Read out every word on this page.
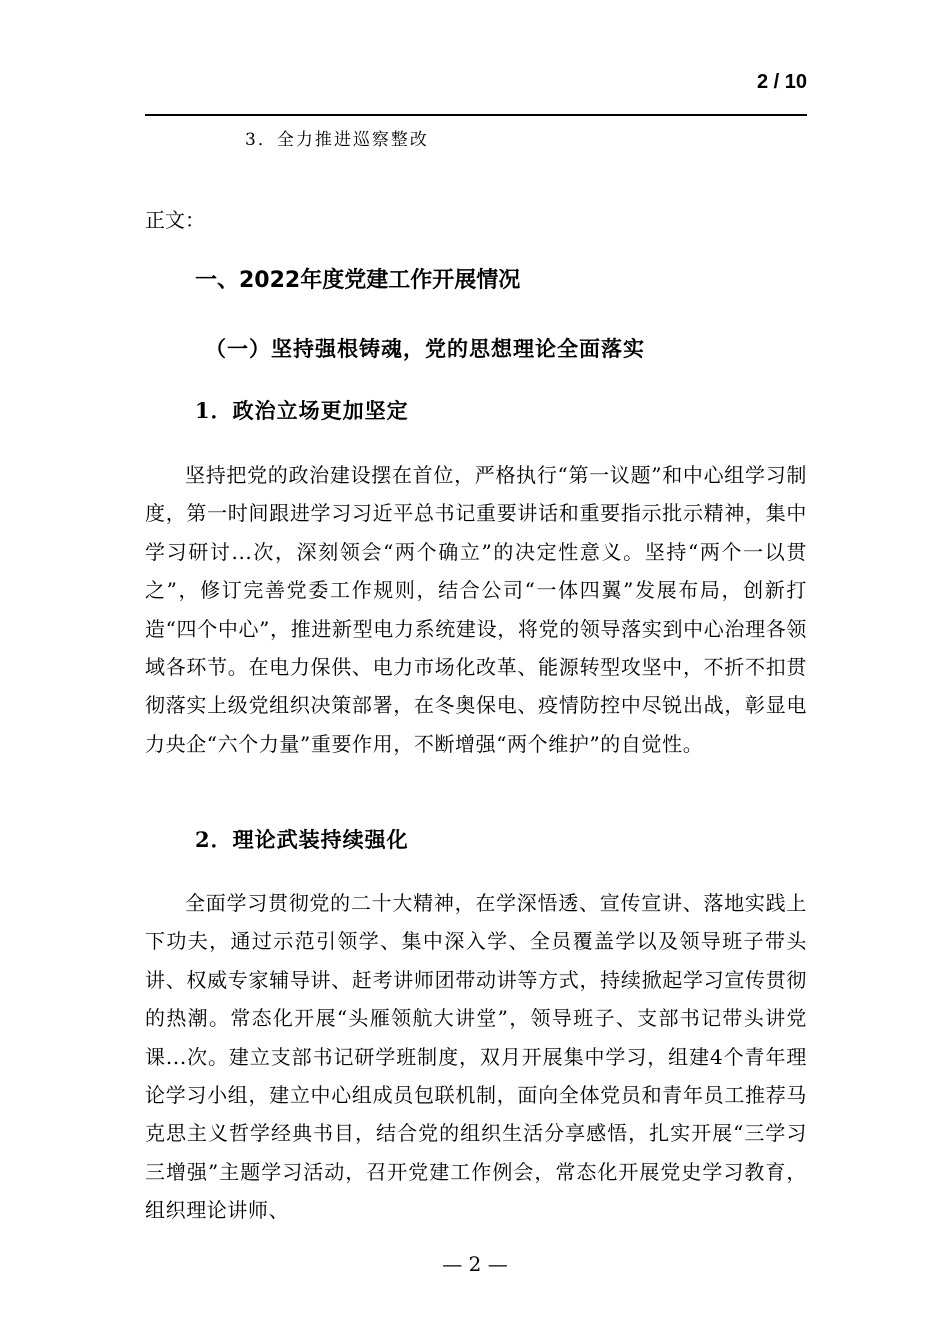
2 / 10
3．全力推进巡察整改
正文：
一、2022年度党建工作开展情况
（一）坚持强根铸魂，党的思想理论全面落实
1．政治立场更加坚定

坚持把党的政治建设摆在首位，严格执行“第一议题”和中心组学习制度，第一时间跟进学习习近平总书记重要讲话和重要指示批示精神，集中学习研讨...次，深刻领会“两个确立”的决定性意义。坚持“两个一以贯之”，修订完善党委工作规则，结合公司“一体四翼”发展布局，创新打造“四个中心”，推进新型电力系统建设，将党的领导落实到中心治理各领域各环节。在电力保供、电力市场化改革、能源转型攻坚中，不折不扣贯彻落实上级党组织决策部署，在冬奥保电、疫情防控中尽锐出战，彰显电力央企“六个力量”重要作用，不断增强“两个维护”的自觉性。

2．理论武装持续强化

全面学习贯彻党的二十大精神，在学深悟透、宣传宣讲、落地实践上下功夫，通过示范引领学、集中深入学、全员覆盖学以及领导班子带头讲、权威专家辅导讲、赶考讲师团带动讲等方式，持续掀起学习宣传贯彻的热潮。常态化开展“头雁领航大讲堂”，领导班子、支部书记带头讲党课...次。建立支部书记研学班制度，双月开展集中学习，组建4个青年理论学习小组，建立中心组成员包联机制，面向全体党员和青年员工推荐马克思主义哲学经典书目，结合党的组织生活分享感悟，扎实开展“三学习三增强”主题学习活动，召开党建工作例会，常态化开展党史学习教育，组织理论讲师、

— 2 —
